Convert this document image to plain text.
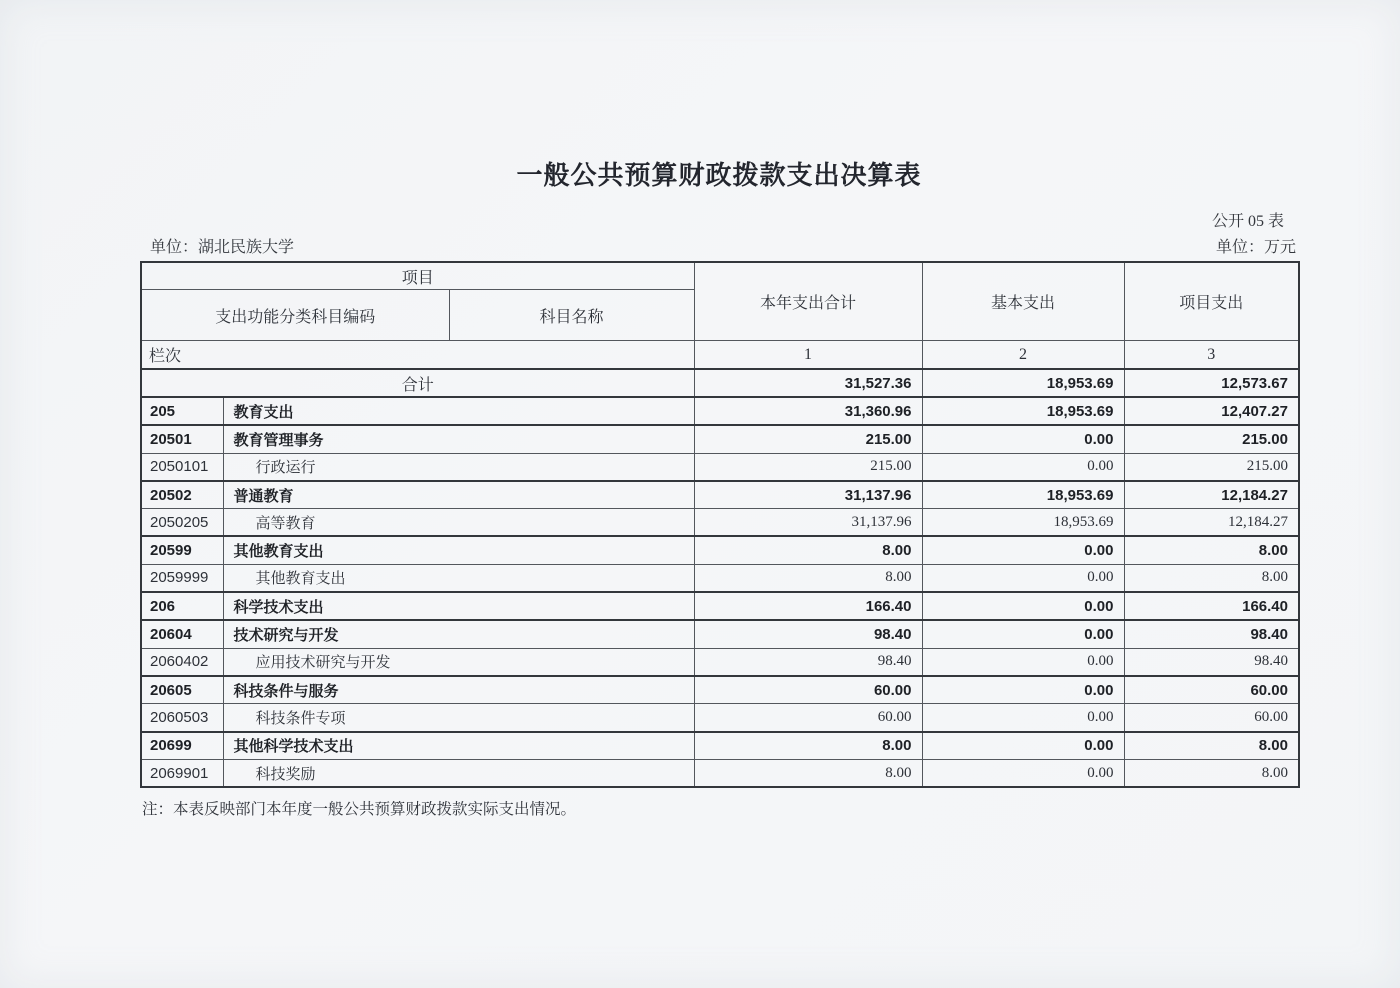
一般公共预算财政拨款支出决算表
公开 05 表
单位：湖北民族大学	单位：万元
项目			本年支出合计	基本支出	项目支出
支出功能分类科目编码		科目名称			
栏次			1	2	3
合计			31,527.36	18,953.69	12,573.67
205	教育支出		31,360.96	18,953.69	12,407.27
20501	教育管理事务		215.00	0.00	215.00
2050101	行政运行		215.00	0.00	215.00
20502	普通教育		31,137.96	18,953.69	12,184.27
2050205	高等教育		31,137.96	18,953.69	12,184.27
20599	其他教育支出		8.00	0.00	8.00
2059999	其他教育支出		8.00	0.00	8.00
206	科学技术支出		166.40	0.00	166.40
20604	技术研究与开发		98.40	0.00	98.40
2060402	应用技术研究与开发		98.40	0.00	98.40
20605	科技条件与服务		60.00	0.00	60.00
2060503	科技条件专项		60.00	0.00	60.00
20699	其他科学技术支出		8.00	0.00	8.00
2069901	科技奖励		8.00	0.00	8.00
注：本表反映部门本年度一般公共预算财政拨款实际支出情况。
